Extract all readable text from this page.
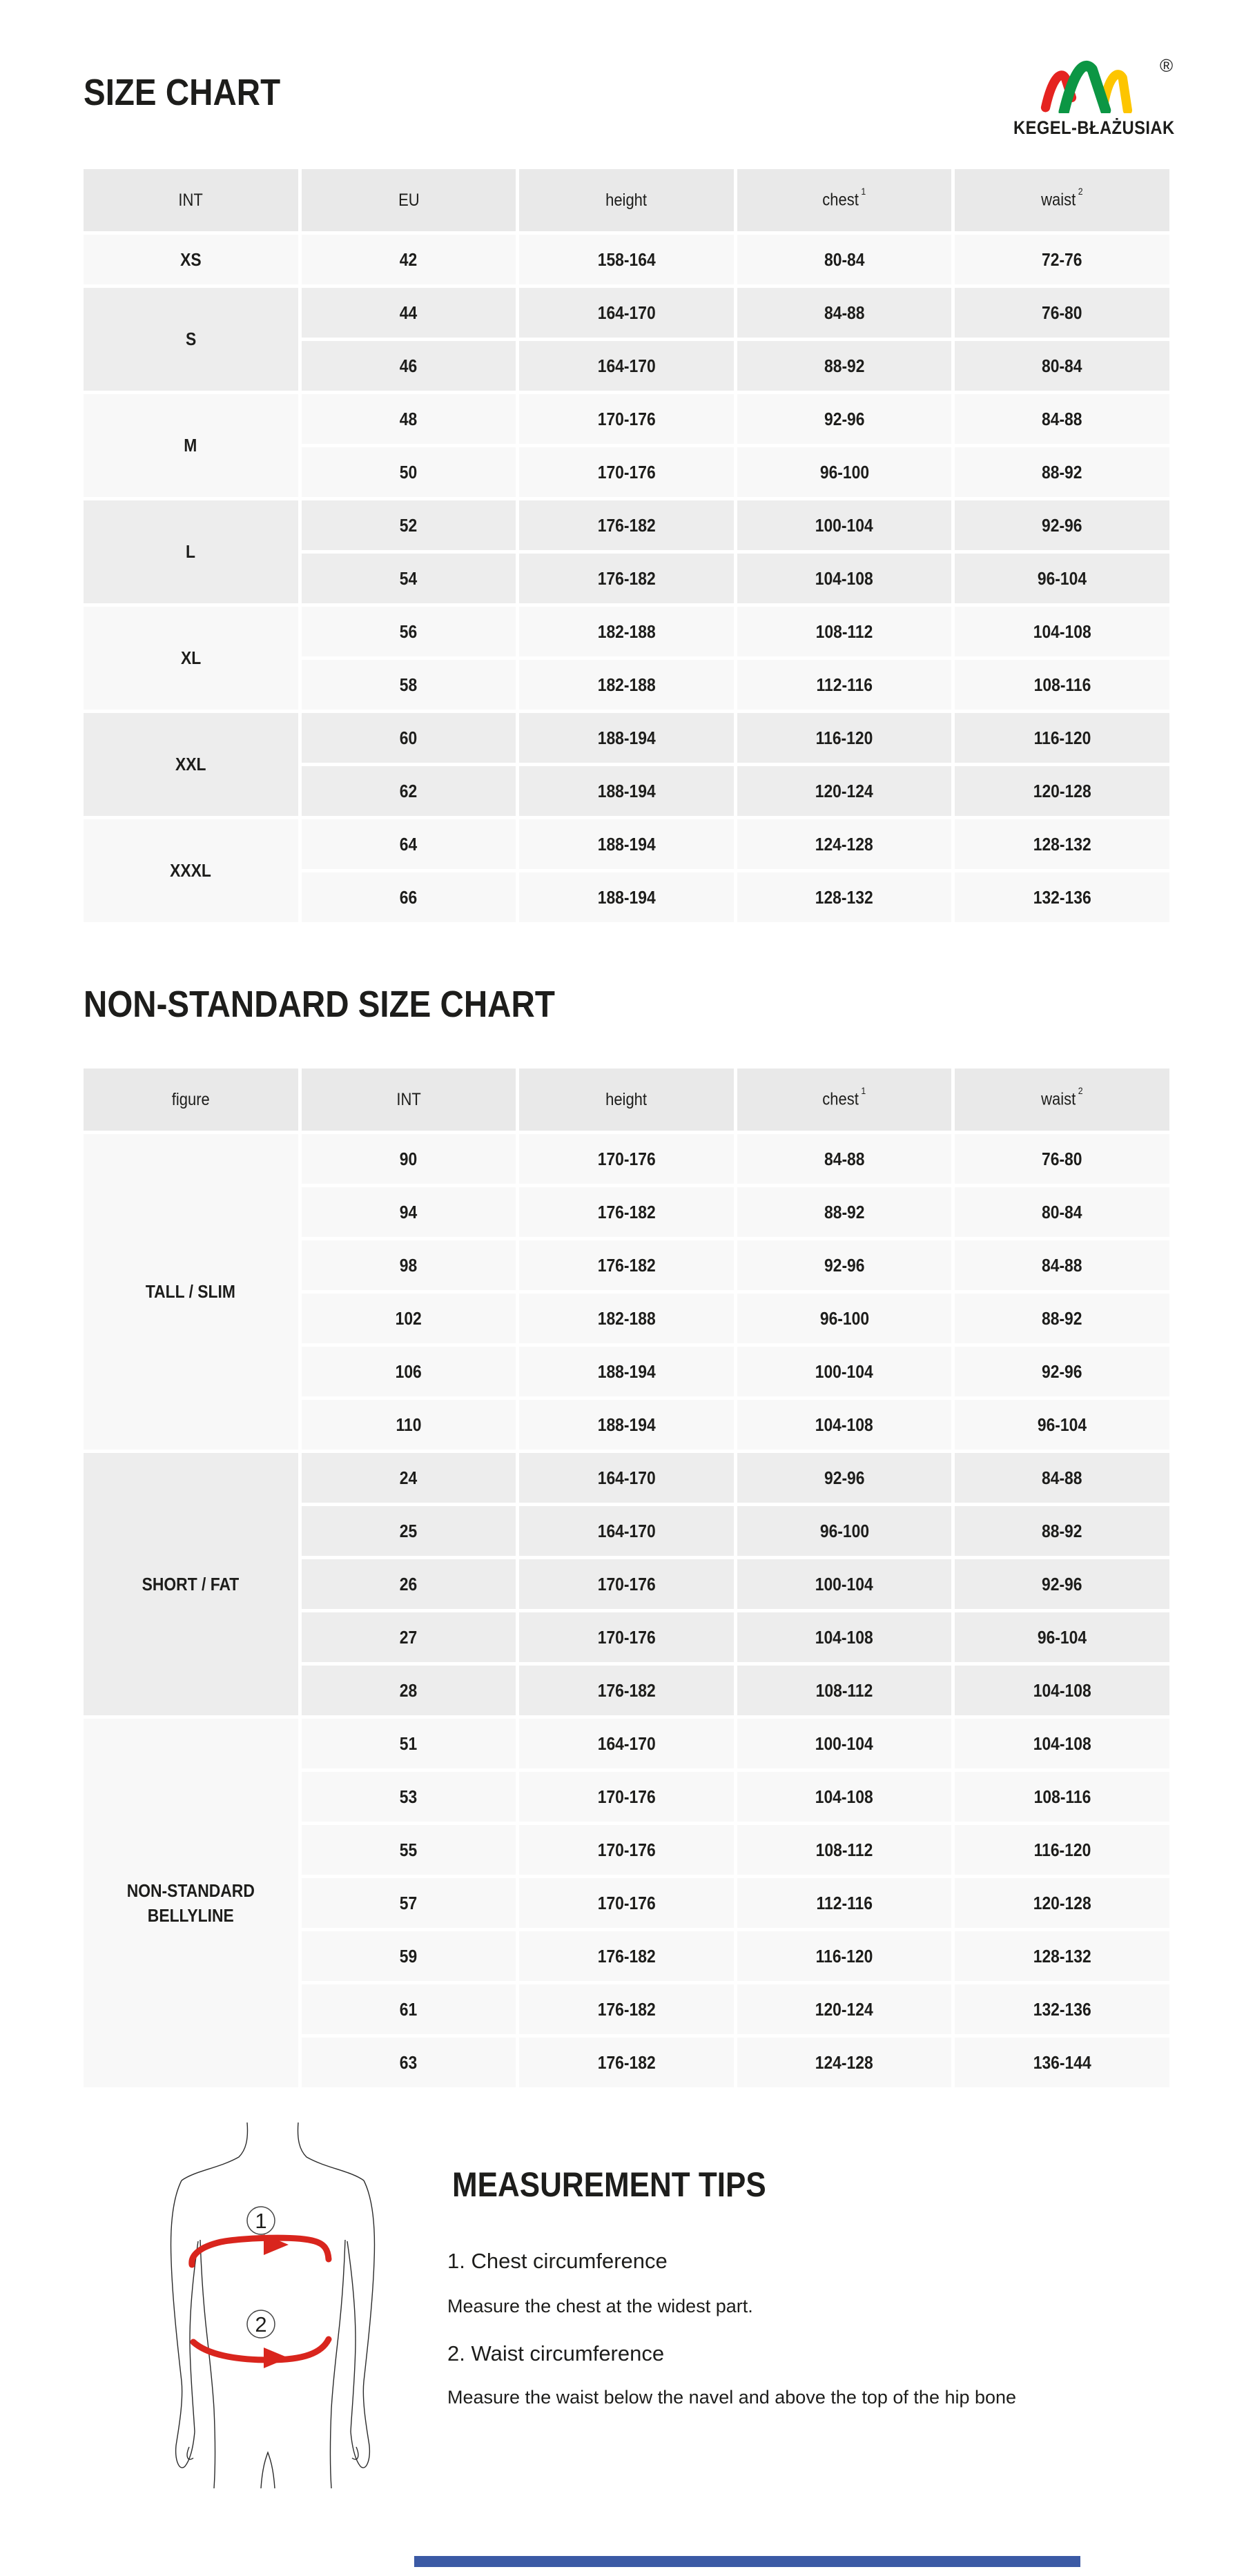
SIZE CHART
®
KEGEL-BŁAŻUSIAK
INT	EU	height	chest $^1$	waist $^2$
XS	42	158-164	80-84	72-76
S
44	164-170	84-88	76-80
46	164-170	88-92	80-84
M
48	170-176	92-96	84-88
50	170-176	96-100	88-92
L
52	176-182	100-104	92-96
54	176-182	104-108	96-104
XL
56	182-188	108-112	104-108
58	182-188	112-116	108-116
XXL
60	188-194	116-120	116-120
62	188-194	120-124	120-128
XXXL
64	188-194	124-128	128-132
66	188-194	128-132	132-136
NON-STANDARD SIZE CHART
figure	INT	height	chest $^1$	waist $^2$
TALL / SLIM
90	170-176	84-88	76-80
94	176-182	88-92	80-84
98	176-182	92-96	84-88
102	182-188	96-100	88-92
106	188-194	100-104	92-96
110	188-194	104-108	96-104
SHORT / FAT
24	164-170	92-96	84-88
25	164-170	96-100	88-92
26	170-176	100-104	92-96
27	170-176	104-108	96-104
28	176-182	108-112	104-108
NON-STANDARD BELLYLINE
51	164-170	100-104	104-108
53	170-176	104-108	108-116
55	170-176	108-112	116-120
57	170-176	112-116	120-128
59	176-182	116-120	128-132
61	176-182	120-124	132-136
63	176-182	124-128	136-144
1
2
MEASUREMENT TIPS
1. Chest circumference
Measure the chest at the widest part.
2. Waist circumference
Measure the waist below the navel and above the top of the hip bone
